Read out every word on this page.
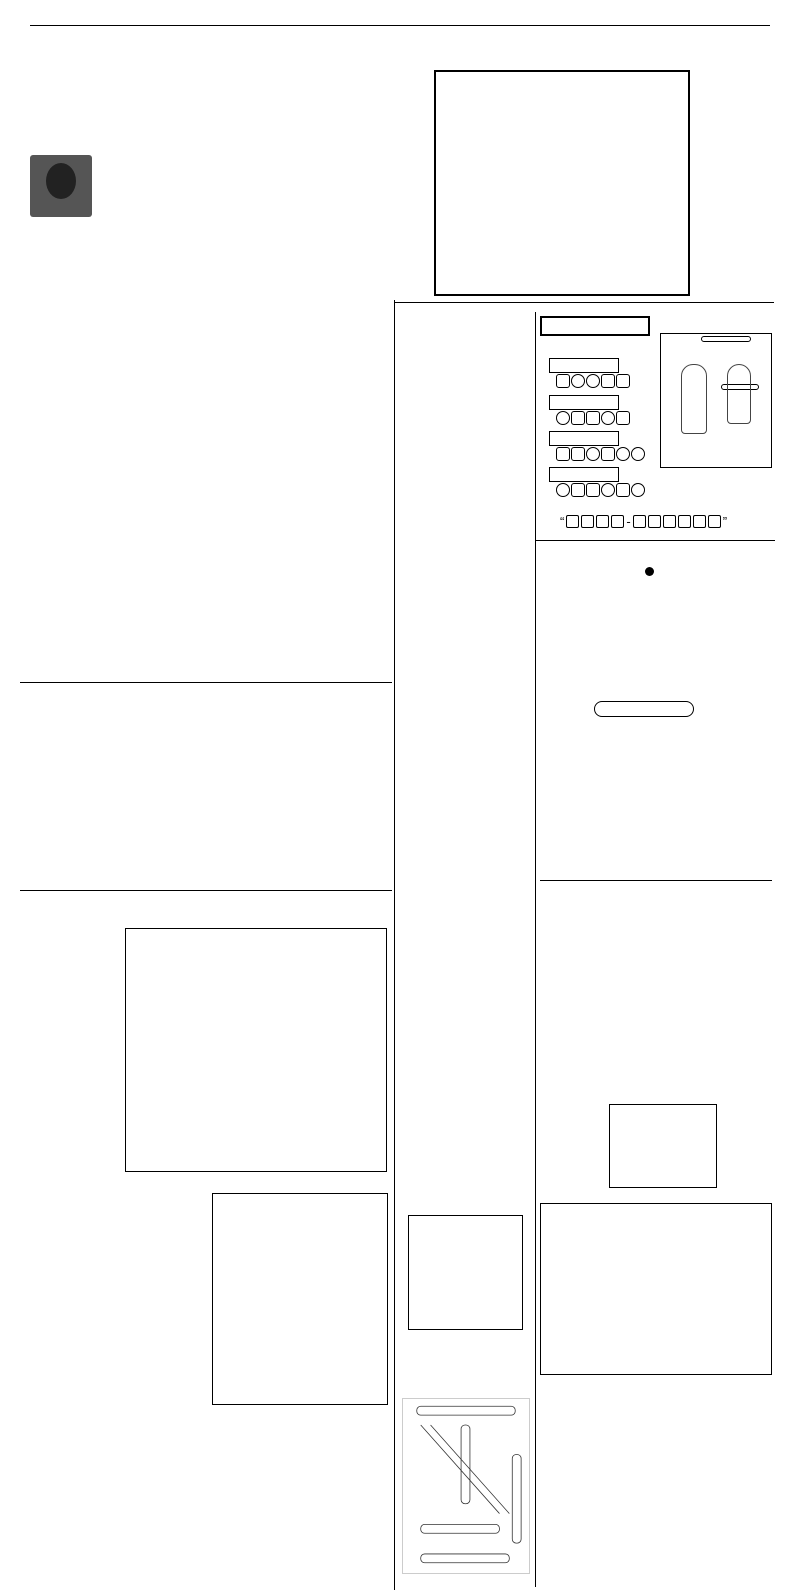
“	-	”
